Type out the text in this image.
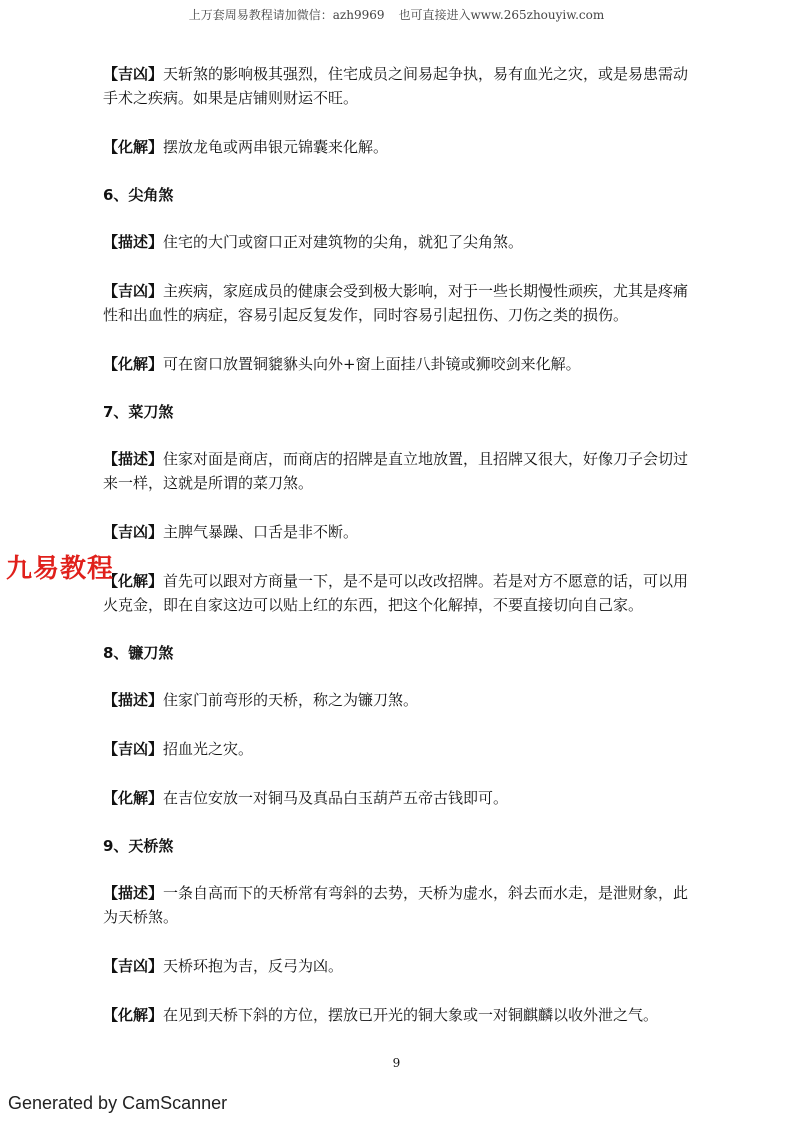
上万套周易教程请加微信：azh9969 也可直接进入www.265zhouyiw.com

【吉凶】天斩煞的影响极其强烈，住宅成员之间易起争执，易有血光之灾，或是易患需动手术之疾病。如果是店铺则财运不旺。

【化解】摆放龙龟或两串银元锦囊来化解。

6、尖角煞

【描述】住宅的大门或窗口正对建筑物的尖角，就犯了尖角煞。

【吉凶】主疾病，家庭成员的健康会受到极大影响，对于一些长期慢性顽疾，尤其是疼痛性和出血性的病症，容易引起反复发作，同时容易引起扭伤、刀伤之类的损伤。

【化解】可在窗口放置铜貔貅头向外+窗上面挂八卦镜或狮咬剑来化解。

7、菜刀煞

【描述】住家对面是商店，而商店的招牌是直立地放置，且招牌又很大，好像刀子会切过来一样，这就是所谓的菜刀煞。

【吉凶】主脾气暴躁、口舌是非不断。

【化解】首先可以跟对方商量一下，是不是可以改改招牌。若是对方不愿意的话，可以用火克金，即在自家这边可以贴上红的东西，把这个化解掉，不要直接切向自己家。

8、镰刀煞

【描述】住家门前弯形的天桥，称之为镰刀煞。

【吉凶】招血光之灾。

【化解】在吉位安放一对铜马及真品白玉葫芦五帝古钱即可。

9、天桥煞

【描述】一条自高而下的天桥常有弯斜的去势，天桥为虚水，斜去而水走，是泄财象，此为天桥煞。

【吉凶】天桥环抱为吉，反弓为凶。

【化解】在见到天桥下斜的方位，摆放已开光的铜大象或一对铜麒麟以收外泄之气。

九易教程
9
Generated by CamScanner
